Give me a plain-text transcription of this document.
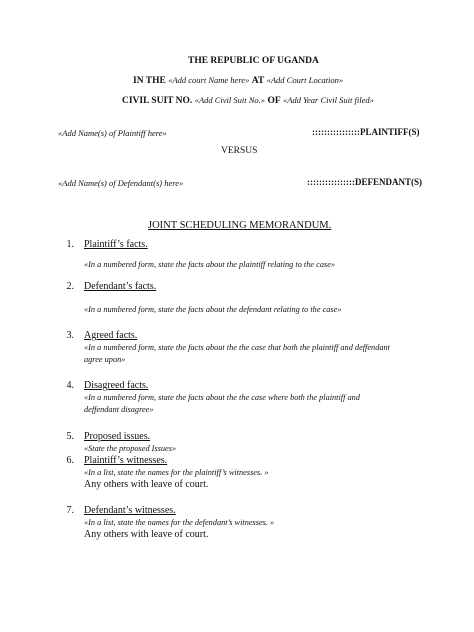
THE REPUBLIC OF UGANDA
IN THE «Add court Name here» AT «Add Court Location»
CIVIL SUIT NO. «Add Civil Suit No.» OF «Add Year Civil Suit filed»
«Add Name(s) of Plaintiff here»	::::::::::::::::PLAINTIFF(S)
VERSUS
«Add Name(s) of Defendant(s) here»	::::::::::::::::DEFENDANT(S)
JOINT SCHEDULING MEMORANDUM.
1. Plaintiff’s facts.
«In a numbered form, state the facts about the plaintiff relating to the case»
2. Defendant’s facts.
«In a numbered form, state the facts about the defendant relating to the case»
3. Agreed facts.
«In a numbered form, state the facts about the the case that both the plaintiff and deffendant agree upon»
4. Disagreed facts.
«In a numbered form, state the facts about the the case where both the plaintiff and deffendant disagree»
5. Proposed issues.
«State the proposed Issues»
6. Plaintiff’s witnesses.
«In a list, state the names for the plaintiff’s witnesses. »
Any others with leave of court.
7. Defendant’s witnesses.
«In a list, state the names for the defendant’s witnesses. »
Any others with leave of court.
